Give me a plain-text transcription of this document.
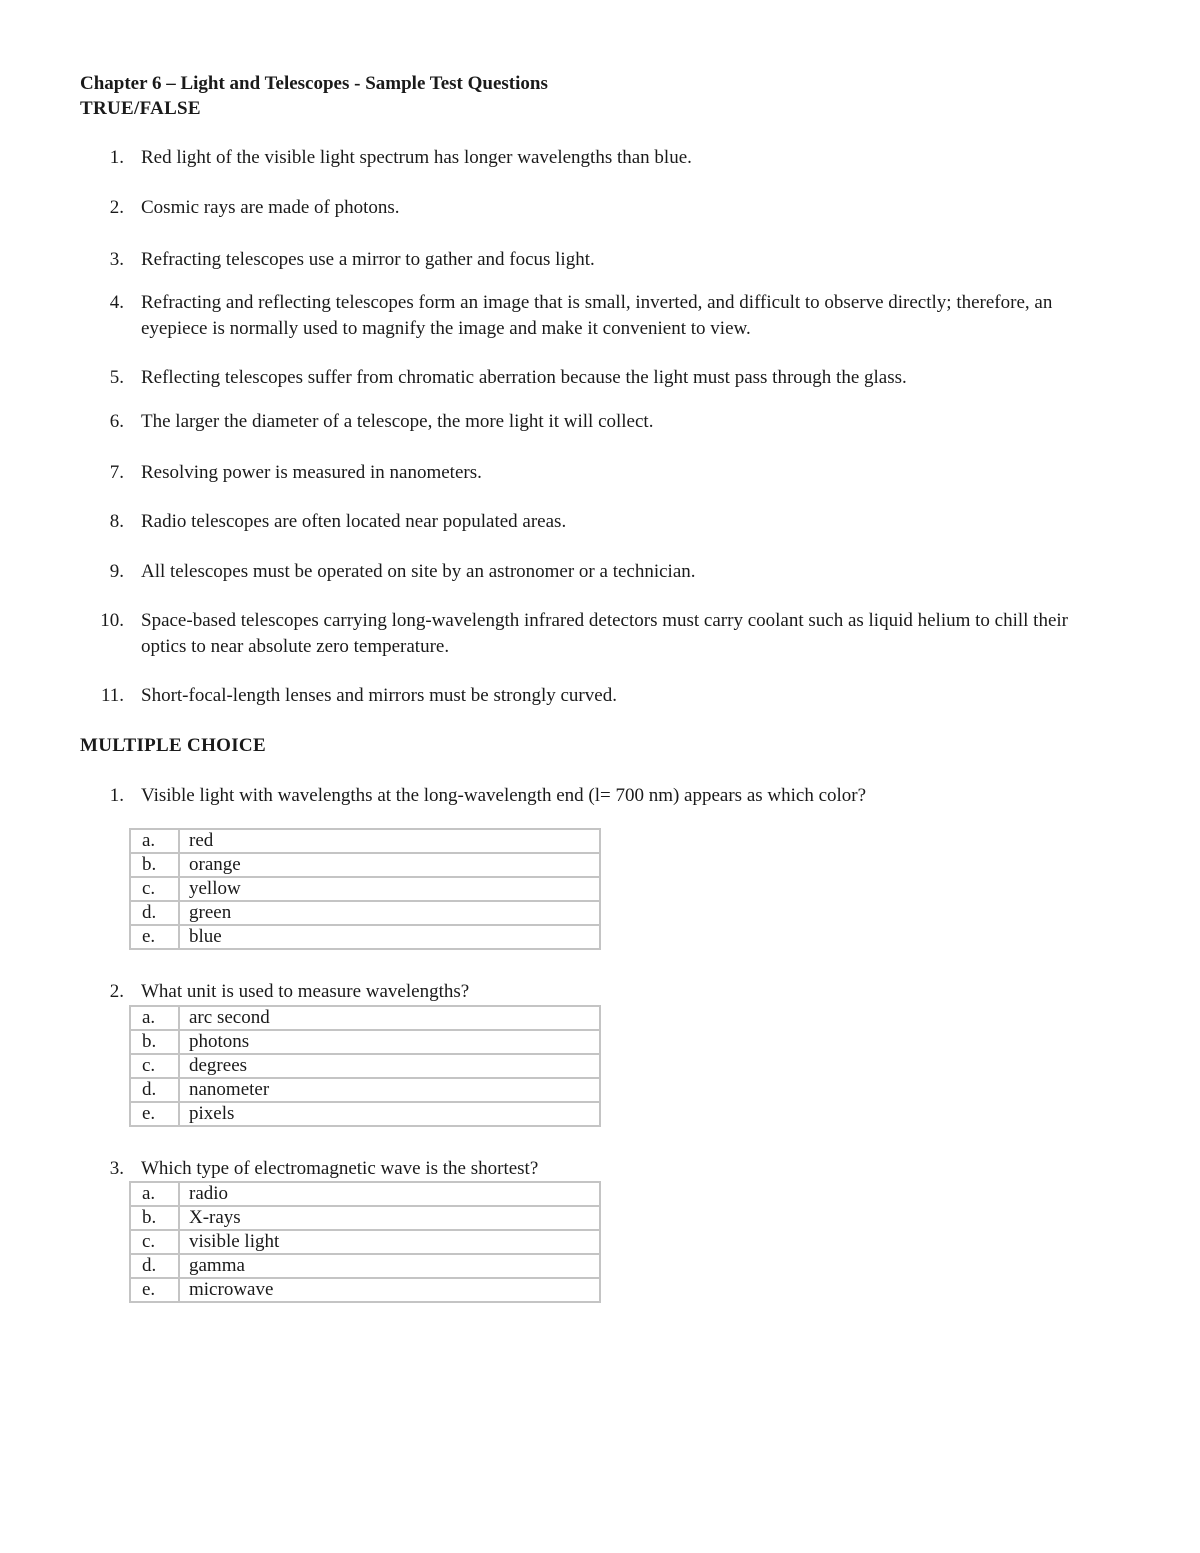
Chapter 6 – Light and Telescopes - Sample Test Questions
TRUE/FALSE
1. Red light of the visible light spectrum has longer wavelengths than blue.
2. Cosmic rays are made of photons.
3. Refracting telescopes use a mirror to gather and focus light.
4. Refracting and reflecting telescopes form an image that is small, inverted, and difficult to observe directly; therefore, an eyepiece is normally used to magnify the image and make it convenient to view.
5. Reflecting telescopes suffer from chromatic aberration because the light must pass through the glass.
6. The larger the diameter of a telescope, the more light it will collect.
7. Resolving power is measured in nanometers.
8. Radio telescopes are often located near populated areas.
9. All telescopes must be operated on site by an astronomer or a technician.
10. Space-based telescopes carrying long-wavelength infrared detectors must carry coolant such as liquid helium to chill their optics to near absolute zero temperature.
11. Short-focal-length lenses and mirrors must be strongly curved.
MULTIPLE CHOICE
1. Visible light with wavelengths at the long-wavelength end (l= 700 nm) appears as which color?
a.	red
b.	orange
c.	yellow
d.	green
e.	blue
2. What unit is used to measure wavelengths?
a.	arc second
b.	photons
c.	degrees
d.	nanometer
e.	pixels
3. Which type of electromagnetic wave is the shortest?
a.	radio
b.	X-rays
c.	visible light
d.	gamma
e.	microwave
